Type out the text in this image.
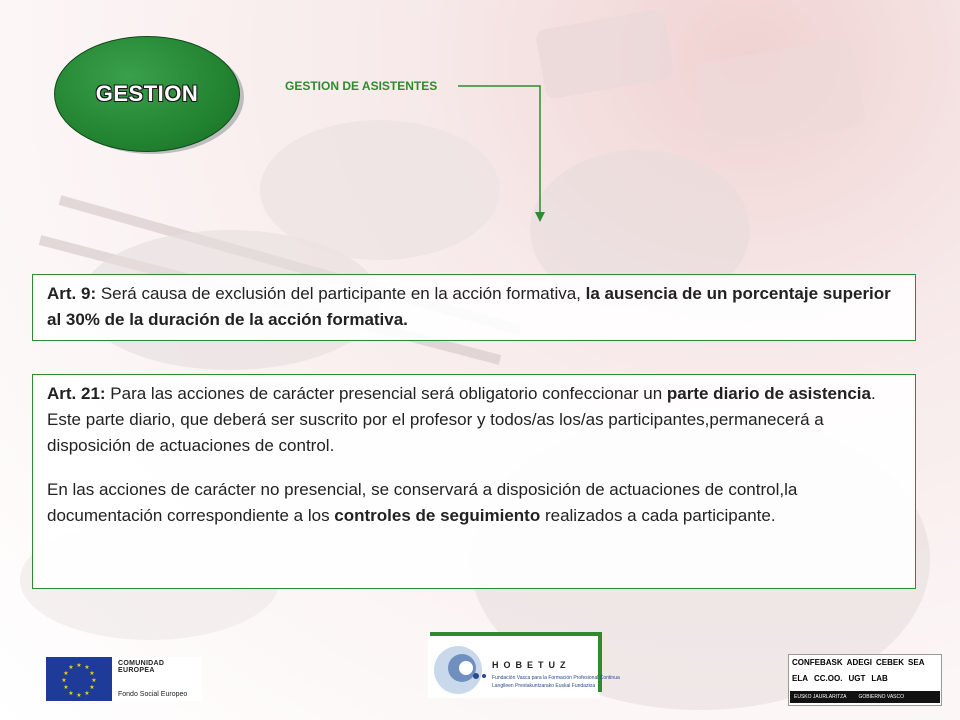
GESTION	GESTION DE ASISTENTES
Art. 9: Será causa de exclusión del participante en la acción formativa, la ausencia de un porcentaje superior al 30% de la duración de la acción formativa.
Art. 21: Para las acciones de carácter presencial será obligatorio confeccionar un parte diario de asistencia. Este parte diario, que deberá ser suscrito por el profesor y todos/as los/as participantes,permanecerá a disposición de actuaciones de control.
En las acciones de carácter no presencial, se conservará a disposición de actuaciones de control,la documentación correspondiente a los controles de seguimiento realizados a cada participante.
★ ★
★
★
★
★
★
★
★
★
★
★
COMUNIDAD EUROPEA
Fondo Social Europeo
HOBETUZ
Fundación Vasca para la Formación Profesional Continua
Langileen Prestakuntzarako Euskal Fundazioa
CONFEBASK ADEGI CEBEK SEA
ELA CC.OO. UGT LAB
EUSKO JAURLARITZA GOBIERNO VASCO
